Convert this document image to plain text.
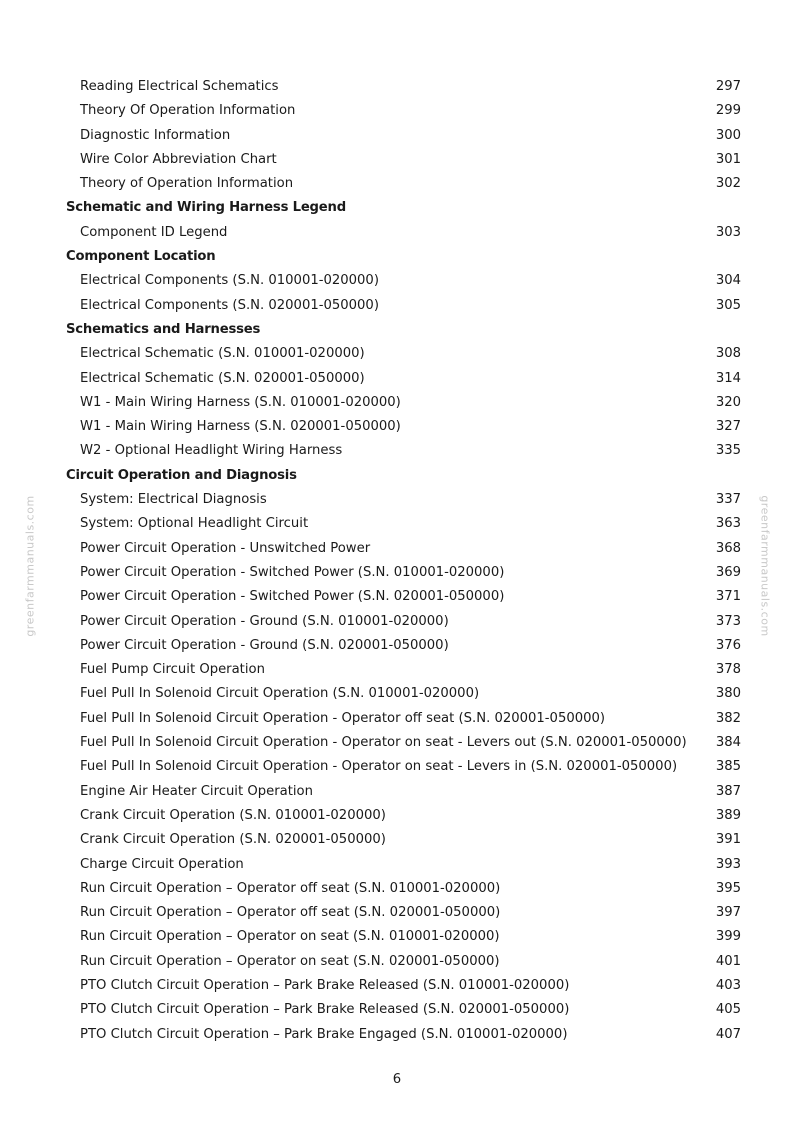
greenfarmmanuals.com	greenfarmmanuals.com
Reading Electrical Schematics	297
Theory Of Operation Information	299
Diagnostic Information	300
Wire Color Abbreviation Chart	301
Theory of Operation Information	302
Schematic and Wiring Harness Legend
Component ID Legend	303
Component Location
Electrical Components (S.N. 010001-020000)	304
Electrical Components (S.N. 020001-050000)	305
Schematics and Harnesses
Electrical Schematic (S.N. 010001-020000)	308
Electrical Schematic (S.N. 020001-050000)	314
W1 - Main Wiring Harness (S.N. 010001-020000)	320
W1 - Main Wiring Harness (S.N. 020001-050000)	327
W2 - Optional Headlight Wiring Harness	335
Circuit Operation and Diagnosis
System: Electrical Diagnosis	337
System: Optional Headlight Circuit	363
Power Circuit Operation - Unswitched Power	368
Power Circuit Operation - Switched Power (S.N. 010001-020000)	369
Power Circuit Operation - Switched Power (S.N. 020001-050000)	371
Power Circuit Operation - Ground (S.N. 010001-020000)	373
Power Circuit Operation - Ground (S.N. 020001-050000)	376
Fuel Pump Circuit Operation	378
Fuel Pull In Solenoid Circuit Operation (S.N. 010001-020000)	380
Fuel Pull In Solenoid Circuit Operation - Operator off seat (S.N. 020001-050000)	382
Fuel Pull In Solenoid Circuit Operation - Operator on seat - Levers out (S.N. 020001-050000) 384
Fuel Pull In Solenoid Circuit Operation - Operator on seat - Levers in (S.N. 020001-050000)	385
Engine Air Heater Circuit Operation	387
Crank Circuit Operation (S.N. 010001-020000)	389
Crank Circuit Operation (S.N. 020001-050000)	391
Charge Circuit Operation	393
Run Circuit Operation – Operator off seat (S.N. 010001-020000)	395
Run Circuit Operation – Operator off seat (S.N. 020001-050000)	397
Run Circuit Operation – Operator on seat (S.N. 010001-020000)	399
Run Circuit Operation – Operator on seat (S.N. 020001-050000)	401
PTO Clutch Circuit Operation – Park Brake Released (S.N. 010001-020000)	403
PTO Clutch Circuit Operation – Park Brake Released (S.N. 020001-050000)	405
PTO Clutch Circuit Operation – Park Brake Engaged (S.N. 010001-020000)	407
6
